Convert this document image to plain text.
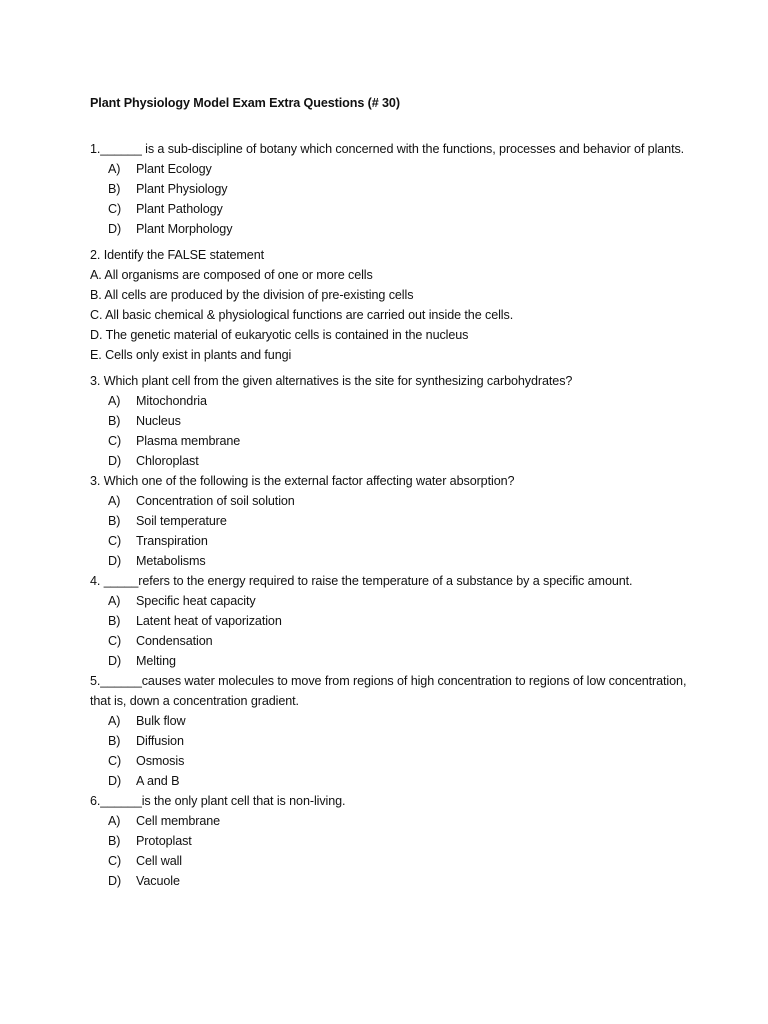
Plant Physiology Model Exam Extra Questions (# 30)
1.______ is a sub-discipline of botany which concerned with the functions, processes and behavior of plants.
A)	Plant Ecology
B)	Plant Physiology
C)	Plant Pathology
D)	Plant Morphology
2. Identify the FALSE statement
A. All organisms are composed of one or more cells
B. All cells are produced by the division of pre-existing cells
C. All basic chemical & physiological functions are carried out inside the cells.
D. The genetic material of eukaryotic cells is contained in the nucleus
E. Cells only exist in plants and fungi
3. Which plant cell from the given alternatives is the site for synthesizing carbohydrates?
A)	Mitochondria
B)	Nucleus
C)	Plasma membrane
D)	Chloroplast
3. Which one of the following is the external factor affecting water absorption?
A)	Concentration of soil solution
B)	Soil temperature
C)	Transpiration
D)	Metabolisms
4. _____refers to the energy required to raise the temperature of a substance by a specific amount.
A)	Specific heat capacity
B)	Latent heat of vaporization
C)	Condensation
D)	Melting
5.______causes water molecules to move from regions of high concentration to regions of low concentration, that is, down a concentration gradient.
A)	Bulk flow
B)	Diffusion
C)	Osmosis
D)	A and B
6.______is the only plant cell that is non-living.
A)	Cell membrane
B)	Protoplast
C)	Cell wall
D)	Vacuole
